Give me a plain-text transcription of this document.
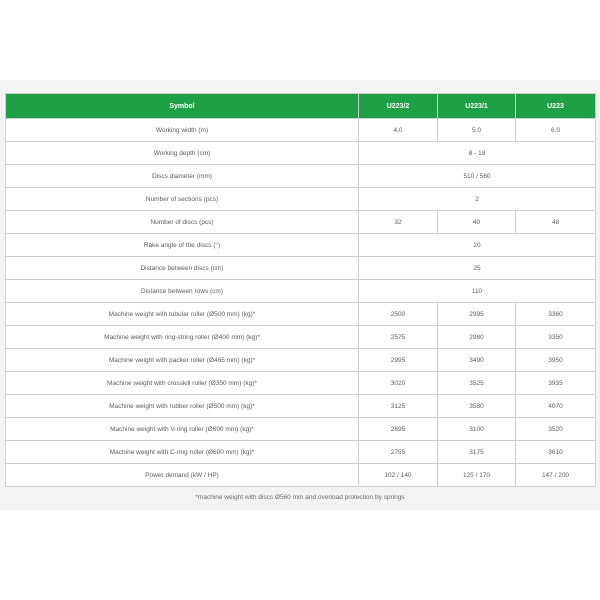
Symbol	U223/2	U223/1	U223
Working width (m)	4.0	5.0	6.0
Working depth (cm)	8 - 18		
Discs diameter (mm)	510 / 560		
Number of sections (pcs)	2		
Number of discs (pcs)	32	40	48
Rake angle of the discs (°)	20		
Distance between discs (cm)	25		
Distance between rows (cm)	110		
Machine weight with tubular roller (Ø500 mm) (kg)*	2500	2995	3360
Machine weight with ring-string roller (Ø400 mm) (kg)*	2575	2980	3350
Machine weight with packer roller (Ø465 mm) (kg)*	2995	3490	3950
Machine weight with crosskill roller (Ø350 mm) (kg)*	3020	3525	3935
Machine weight with rubber roller (Ø500 mm) (kg)*	3125	3580	4070
Machine weight with V-ring roller (Ø600 mm) (kg)*	2695	3100	3520
Machine weight with C-ring roller (Ø600 mm) (kg)*	2755	3175	3610
Power demand (kW / HP)	102 / 140	125 / 170	147 / 200
*machine weight with discs Ø560 mm and overload protection by springs
